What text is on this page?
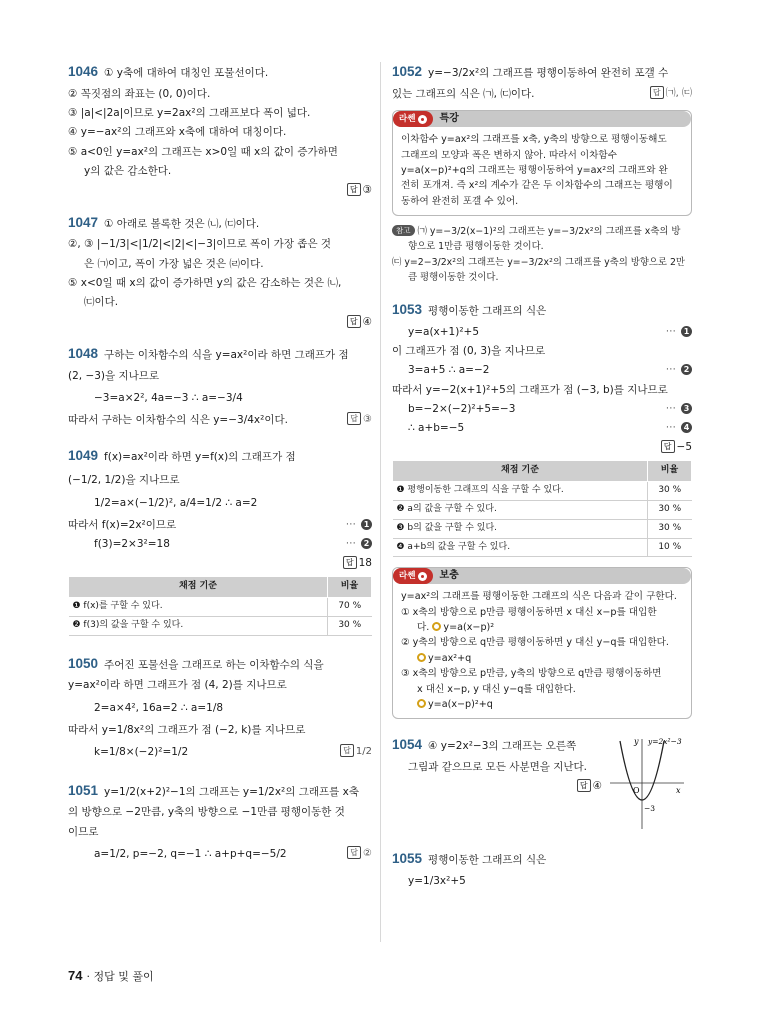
1046 ① y축에 대하여 대칭인 포물선이다.
② 꼭짓점의 좌표는 (0, 0)이다.
③ |a|<|2a|이므로 y=2ax²의 그래프보다 폭이 넓다.
④ y=−ax²의 그래프와 x축에 대하여 대칭이다.
⑤ a<0인 y=ax²의 그래프는 x>0일 때 x의 값이 증가하면
y의 값은 감소한다.
답 ③
1047 ① 아래로 볼록한 것은 ㈁, ㈂이다.
②, ③ |−1/3|<|1/2|<|2|<|−3|이므로 폭이 가장 좁은 것
은 ㈀이고, 폭이 가장 넓은 것은 ㈃이다.
⑤ x<0일 때 x의 값이 증가하면 y의 값은 감소하는 것은 ㈁,
㈂이다.
답 ④
1048 구하는 이차함수의 식을 y=ax²이라 하면 그래프가 점
(2, −3)을 지나므로
−3=a×2², 4a=−3 ∴ a=−3/4
따라서 구하는 이차함수의 식은 y=−3/4x²이다.	답 ③
1049 f(x)=ax²이라 하면 y=f(x)의 그래프가 점
(−1/2, 1/2)을 지나므로
1/2=a×(−1/2)², a/4=1/2 ∴ a=2
따라서 f(x)=2x²이므로	⋯ 1
f(3)=2×3²=18	⋯ 2
답 18
채점 기준	비율
❶ f(x)를 구할 수 있다.	70 %
❷ f(3)의 값을 구할 수 있다.	30 %
1050 주어진 포물선을 그래프로 하는 이차함수의 식을
y=ax²이라 하면 그래프가 점 (4, 2)를 지나므로
2=a×4², 16a=2 ∴ a=1/8
따라서 y=1/8x²의 그래프가 점 (−2, k)를 지나므로
k=1/8×(−2)²=1/2	답 1/2
1051 y=1/2(x+2)²−1의 그래프는 y=1/2x²의 그래프를 x축
의 방향으로 −2만큼, y축의 방향으로 −1만큼 평행이동한 것
이므로
a=1/2, p=−2, q=−1 ∴ a+p+q=−5/2	답 ②
1052 y=−3/2x²의 그래프를 평행이동하여 완전히 포갤 수
있는 그래프의 식은 ㈀, ㈂이다.	답 ㈀, ㈂
라쎈	특강
이차함수 y=ax²의 그래프를 x축, y축의 방향으로 평행이동해도
그래프의 모양과 폭은 변하지 않아. 따라서 이차함수
y=a(x−p)²+q의 그래프는 평행이동하여 y=ax²의 그래프와 완
전히 포개져. 즉 x²의 계수가 같은 두 이차함수의 그래프는 평행이
동하여 완전히 포갤 수 있어.
참고 ㈀ y=−3/2(x−1)²의 그래프는 y=−3/2x²의 그래프를 x축의 방
향으로 1만큼 평행이동한 것이다.
㈂ y=2−3/2x²의 그래프는 y=−3/2x²의 그래프를 y축의 방향으로 2만
큼 평행이동한 것이다.
1053 평행이동한 그래프의 식은
y=a(x+1)²+5	⋯ 1
이 그래프가 점 (0, 3)을 지나므로
3=a+5 ∴ a=−2	⋯ 2
따라서 y=−2(x+1)²+5의 그래프가 점 (−3, b)를 지나므로
b=−2×(−2)²+5=−3	⋯ 3
∴ a+b=−5	⋯ 4
답 −5
채점 기준	비율
❶ 평행이동한 그래프의 식을 구할 수 있다.	30 %
❷ a의 값을 구할 수 있다.	30 %
❸ b의 값을 구할 수 있다.	30 %
❹ a+b의 값을 구할 수 있다.	10 %
라쎈	보충
y=ax²의 그래프를 평행이동한 그래프의 식은 다음과 같이 구한다.
① x축의 방향으로 p만큼 평행이동하면 x 대신 x−p를 대입한
다. y=a(x−p)²
② y축의 방향으로 q만큼 평행이동하면 y 대신 y−q를 대입한다.
y=ax²+q
③ x축의 방향으로 p만큼, y축의 방향으로 q만큼 평행이동하면
x 대신 x−p, y 대신 y−q를 대입한다.
y=a(x−p)²+q
1054 ④ y=2x²−3의 그래프는 오른쪽
그림과 같으므로 모든 사분면을 지난다.
답 ④	x
y y=2x²−3
O
−3
1055 평행이동한 그래프의 식은
y=1/3x²+5
74 · 정답 및 풀이
